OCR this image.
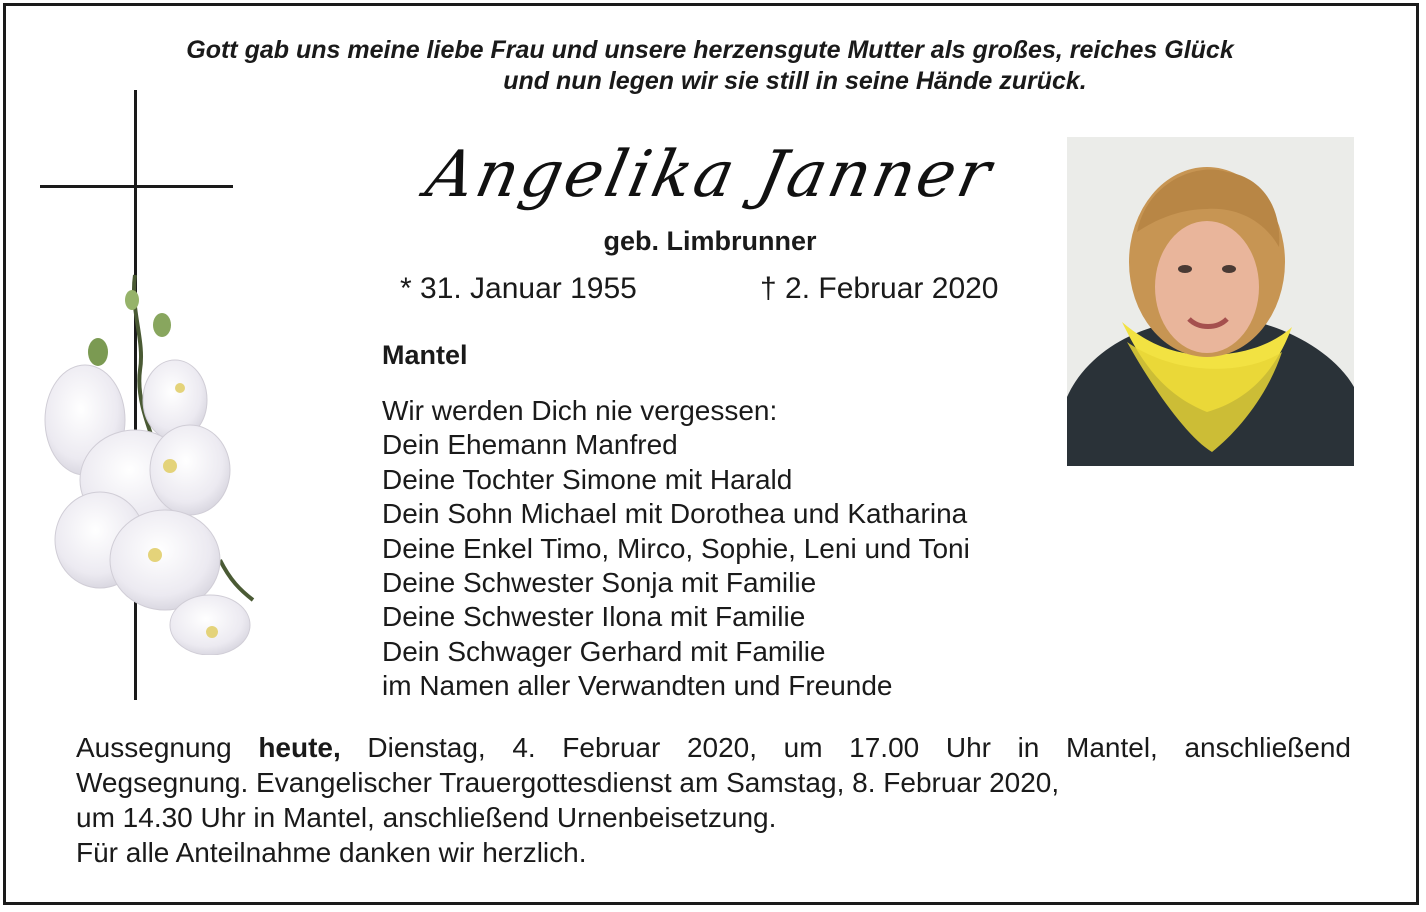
Gott gab uns meine liebe Frau und unsere herzensgute Mutter als großes, reiches Glück
und nun legen wir sie still in seine Hände zurück.
Angelika Janner
geb. Limbrunner
* 31. Januar 1955	† 2. Februar 2020
Mantel
Wir werden Dich nie vergessen:
Dein Ehemann Manfred
Deine Tochter Simone mit Harald
Dein Sohn Michael mit Dorothea und Katharina
Deine Enkel Timo, Mirco, Sophie, Leni und Toni
Deine Schwester Sonja mit Familie
Deine Schwester Ilona mit Familie
Dein Schwager Gerhard mit Familie
im Namen aller Verwandten und Freunde
Aussegnung heute, Dienstag, 4. Februar 2020, um 17.00 Uhr in Mantel, anschließend
Wegsegnung. Evangelischer Trauergottesdienst am Samstag, 8. Februar 2020,
um 14.30 Uhr in Mantel, anschließend Urnenbeisetzung.
Für alle Anteilnahme danken wir herzlich.
